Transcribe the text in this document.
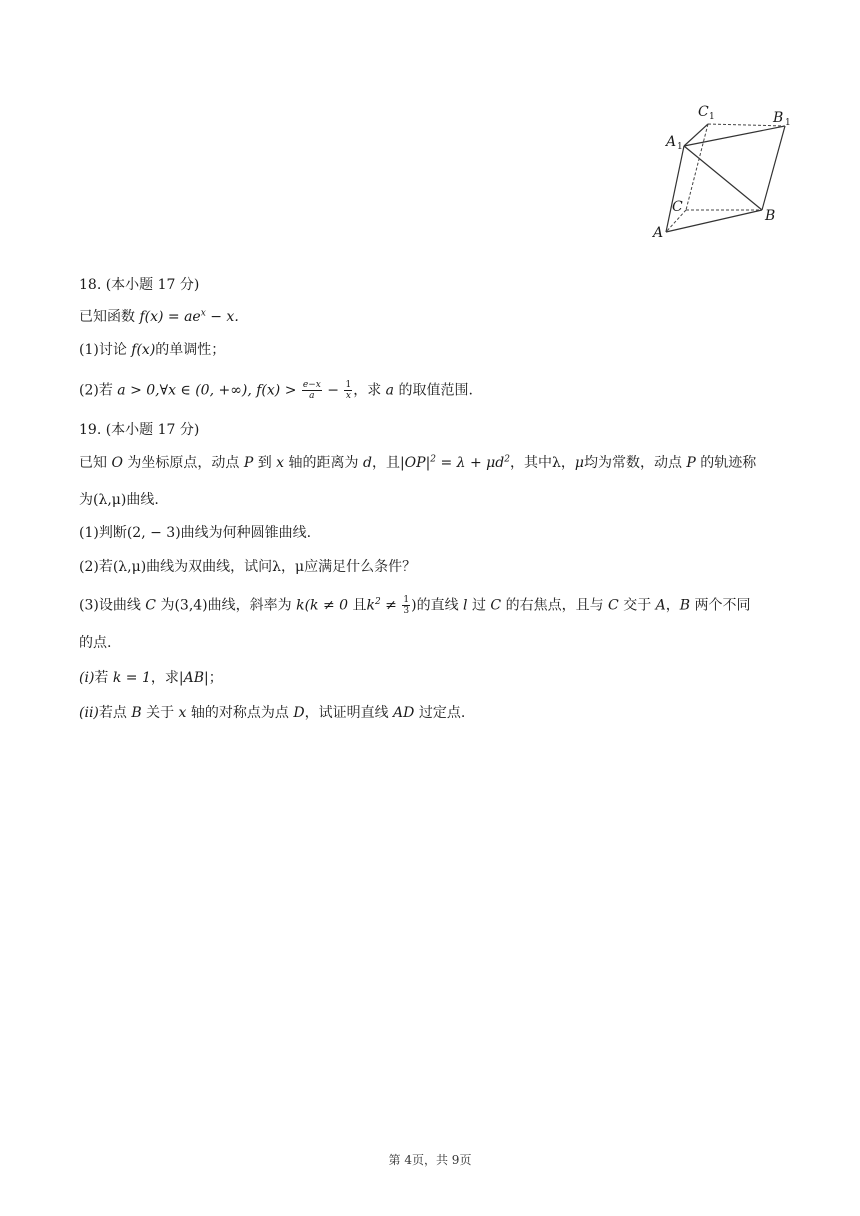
C 1	B 1
A 1
C
B
A
18. (本小题 17 分)
已知函数 $f(x) = ae^x - x$.
(1)讨论 f(x)的单调性；
(2)若 a > 0,∀x ∈ (0, +∞), $f(x) > \frac{e-x}{a} - \frac{1}{x}$ ，求 a 的取值范围.
19. (本小题 17 分)
已知 O 为坐标原点，动点 P 到 x 轴的距离为 d，且$|OP|^2 = \lambda + \mu d^2$，其中λ，μ均为常数，动点 P 的轨迹称
为(λ,μ)曲线.
(1)判断(2, − 3)曲线为何种圆锥曲线.
(2)若(λ,μ)曲线为双曲线，试问λ，μ应满足什么条件？
(3)设曲线 C 为(3,4)曲线，斜率为 k(k ≠ 0 且$k^2 \ne \frac{1}{3}$ )的直线 l 过 C 的右焦点，且与 C 交于 A，B 两个不同
的点.
(i)若 k = 1，求|AB|；
(ii)若点 B 关于 x 轴的对称点为点 D，试证明直线 AD 过定点.
第 4页，共 9页
